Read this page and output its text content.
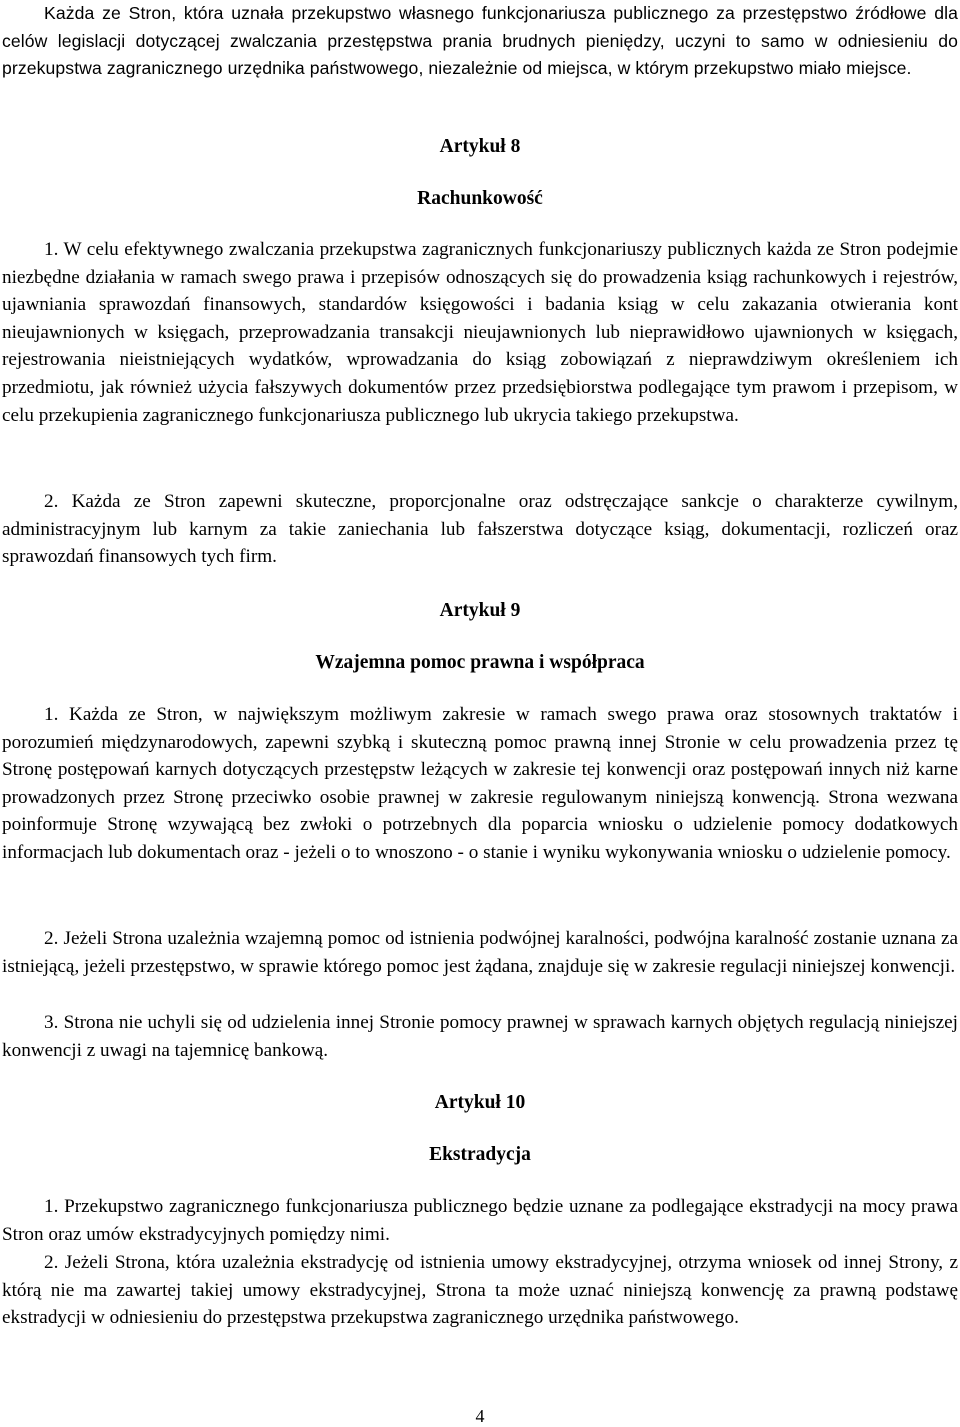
Każda ze Stron, która uznała przekupstwo własnego funkcjonariusza publicznego za przestępstwo źródłowe dla celów legislacji dotyczącej zwalczania przestępstwa prania brudnych pieniędzy, uczyni to samo w odniesieniu do przekupstwa zagranicznego urzędnika państwowego, niezależnie od miejsca, w którym przekupstwo miało miejsce.

Artykuł 8
Rachunkowość

1. W celu efektywnego zwalczania przekupstwa zagranicznych funkcjonariuszy publicznych każda ze Stron podejmie niezbędne działania w ramach swego prawa i przepisów odnoszących się do prowadzenia ksiąg rachunkowych i rejestrów, ujawniania sprawozdań finansowych, standardów księgowości i badania ksiąg w celu zakazania otwierania kont nieujawnionych w księgach, przeprowadzania transakcji nieujawnionych lub nieprawidłowo ujawnionych w księgach, rejestrowania nieistniejących wydatków, wprowadzania do ksiąg zobowiązań z nieprawdziwym określeniem ich przedmiotu, jak również użycia fałszywych dokumentów przez przedsiębiorstwa podlegające tym prawom i przepisom, w celu przekupienia zagranicznego funkcjonariusza publicznego lub ukrycia takiego przekupstwa.

2. Każda ze Stron zapewni skuteczne, proporcjonalne oraz odstręczające sankcje o charakterze cywilnym, administracyjnym lub karnym za takie zaniechania lub fałszerstwa dotyczące ksiąg, dokumentacji, rozliczeń oraz sprawozdań finansowych tych firm.

Artykuł 9
Wzajemna pomoc prawna i współpraca

1. Każda ze Stron, w największym możliwym zakresie w ramach swego prawa oraz stosownych traktatów i porozumień międzynarodowych, zapewni szybką i skuteczną pomoc prawną innej Stronie w celu prowadzenia przez tę Stronę postępowań karnych dotyczących przestępstw leżących w zakresie tej konwencji oraz postępowań innych niż karne prowadzonych przez Stronę przeciwko osobie prawnej w zakresie regulowanym niniejszą konwencją. Strona wezwana poinformuje Stronę wzywającą bez zwłoki o potrzebnych dla poparcia wniosku o udzielenie pomocy dodatkowych informacjach lub dokumentach oraz - jeżeli o to wnoszono - o stanie i wyniku wykonywania wniosku o udzielenie pomocy.

2. Jeżeli Strona uzależnia wzajemną pomoc od istnienia podwójnej karalności, podwójna karalność zostanie uznana za istniejącą, jeżeli przestępstwo, w sprawie którego pomoc jest żądana, znajduje się w zakresie regulacji niniejszej konwencji.

3. Strona nie uchyli się od udzielenia innej Stronie pomocy prawnej w sprawach karnych objętych regulacją niniejszej konwencji z uwagi na tajemnicę bankową.

Artykuł 10
Ekstradycja

1. Przekupstwo zagranicznego funkcjonariusza publicznego będzie uznane za podlegające ekstradycji na mocy prawa Stron oraz umów ekstradycyjnych pomiędzy nimi.

2. Jeżeli Strona, która uzależnia ekstradycję od istnienia umowy ekstradycyjnej, otrzyma wniosek od innej Strony, z którą nie ma zawartej takiej umowy ekstradycyjnej, Strona ta może uznać niniejszą konwencję za prawną podstawę ekstradycji w odniesieniu do przestępstwa przekupstwa zagranicznego urzędnika państwowego.

4
